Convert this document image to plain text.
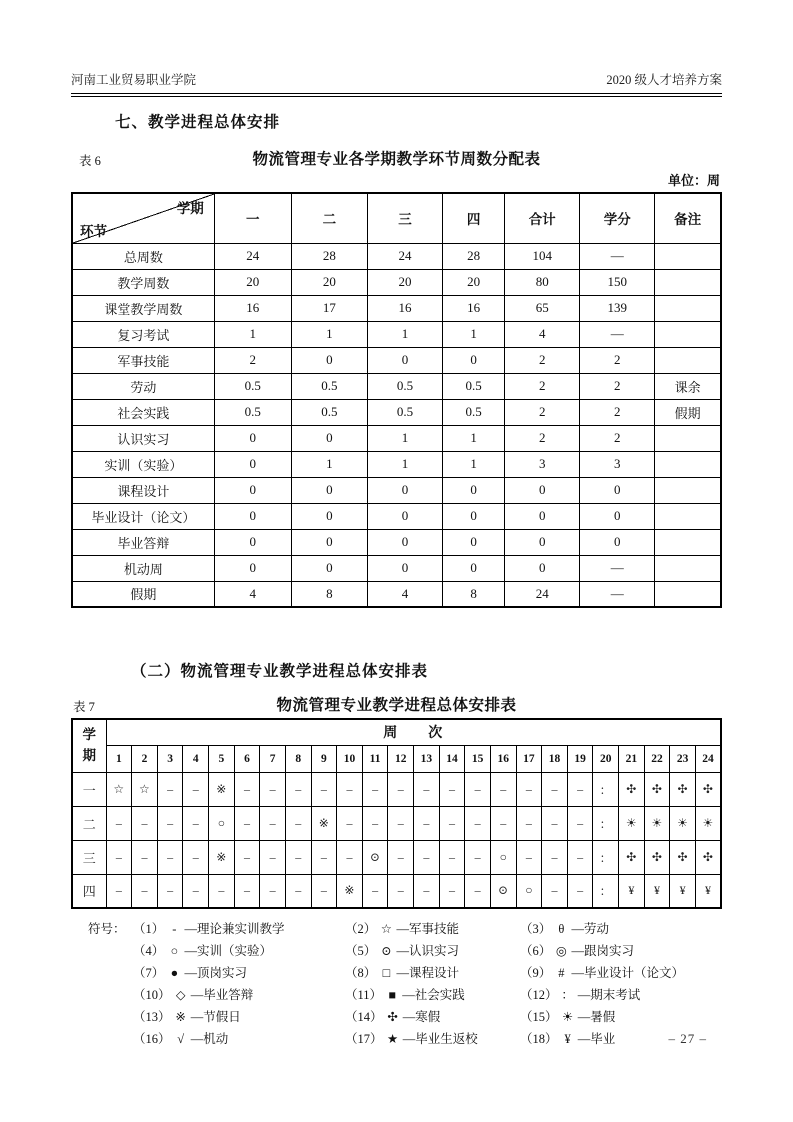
河南工业贸易职业学院	2020 级人才培养方案
七、教学进程总体安排
表 6	物流管理专业各学期教学环节周数分配表
单位：周
学期
环节	一	二	三	四	合计	学分	备注
总周数	24	28	24	28	104	—	
教学周数	20	20	20	20	80	150	
课堂教学周数	16	17	16	16	65	139	
复习考试	1	1	1	1	4	—	
军事技能	2	0	0	0	2	2	
劳动	0.5	0.5	0.5	0.5	2	2	课余
社会实践	0.5	0.5	0.5	0.5	2	2	假期
认识实习	0	0	1	1	2	2	
实训（实验）	0	1	1	1	3	3	
课程设计	0	0	0	0	0	0	
毕业设计（论文）	0	0	0	0	0	0	
毕业答辩	0	0	0	0	0	0	
机动周	0	0	0	0	0	—	
假期	4	8	4	8	24	—	
（二）物流管理专业教学进程总体安排表
表 7	物流管理专业教学进程总体安排表
学期	周　　次																							
	1	2	3	4	5	6	7	8	9	10	11	12	13	14	15	16	17	18	19	20	21	22	23	24
一	☆	☆	–	–	※	–	–	–	–	–	–	–	–	–	–	–	–	–	–	：	✣	✣	✣	✣
二	–	–	–	–	○	–	–	–	※	–	–	–	–	–	–	–	–	–	–	：	☀	☀	☀	☀
三	–	–	–	–	※	–	–	–	–	–	⊙	–	–	–	–	○	–	–	–	：	✣	✣	✣	✣
四	–	–	–	–	–	–	–	–	–	※	–	–	–	–	–	⊙	○	–	–	：	¥	¥	¥	¥
符号： （1） - —理论兼实训教学	（2） ☆ —军事技能	（3） θ —劳动
（4） ○ —实训（实验）	（5） ⊙ —认识实习	（6） ◎ —跟岗实习
（7） ● —顶岗实习	（8） □ —课程设计	（9） # —毕业设计（论文）
（10） ◇ —毕业答辩	（11） ■ —社会实践	（12） ： —期末考试
（13） ※ —节假日	（14） ✣ —寒假	（15） ☀ —暑假
（16） √ —机动	（17） ★ —毕业生返校	（18） ¥ —毕业	– 27 –
